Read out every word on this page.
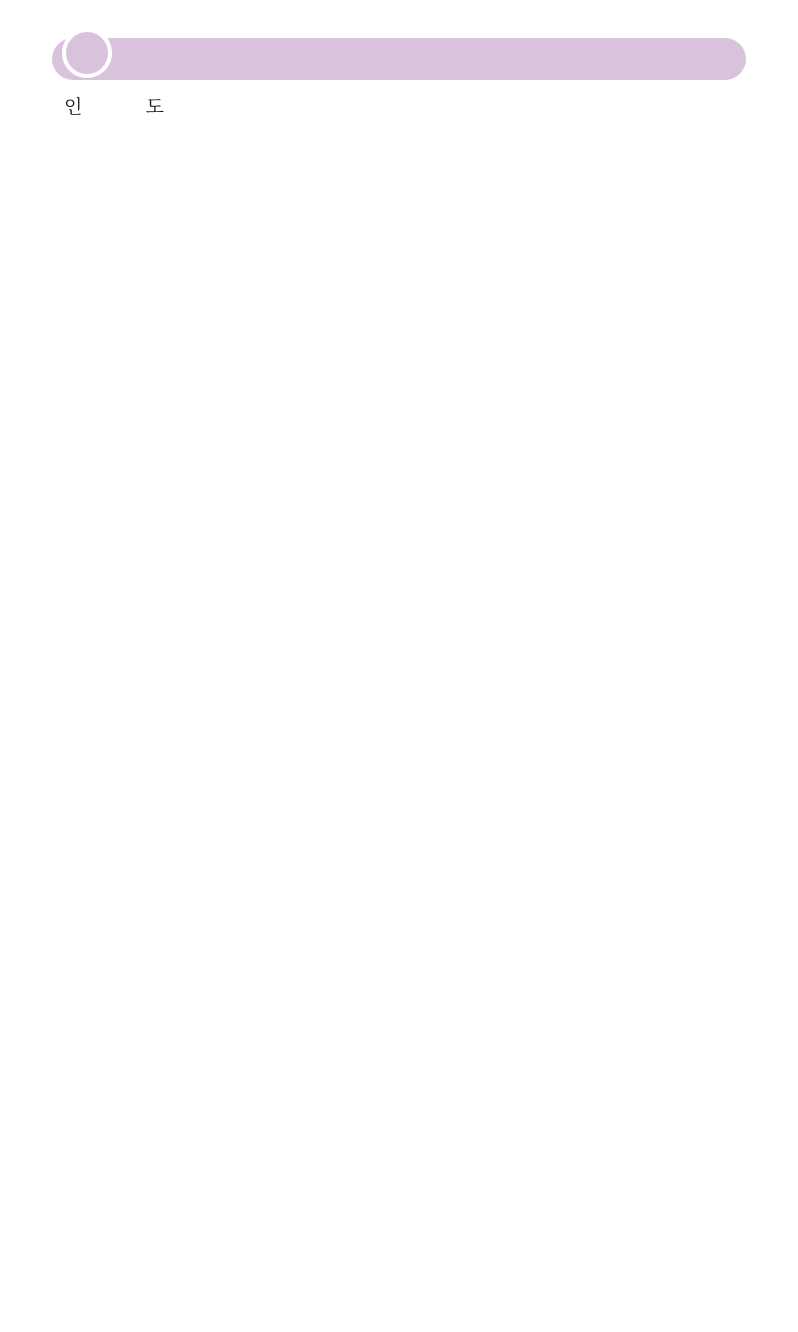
인	도
